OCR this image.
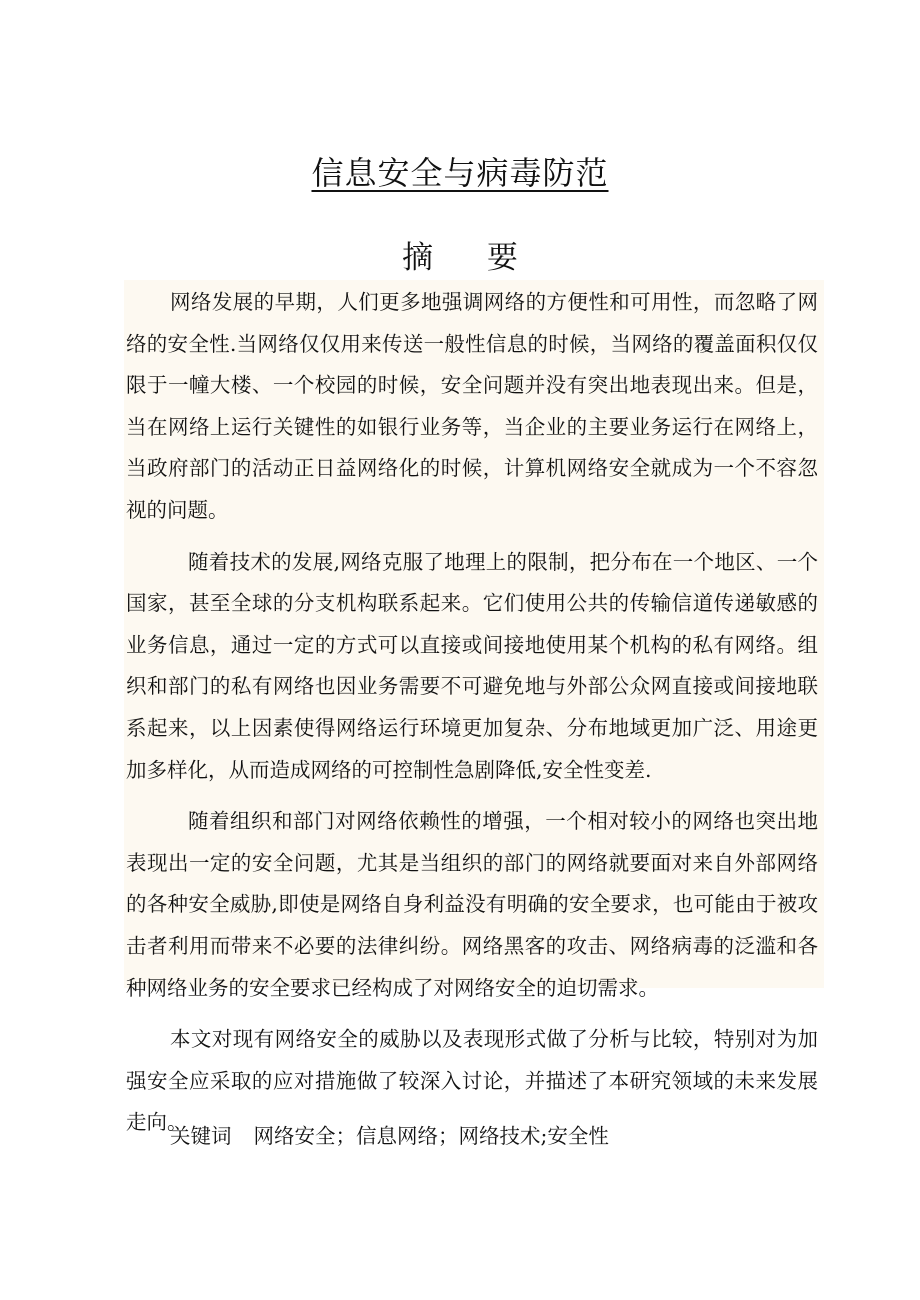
信息安全与病毒防范
摘 要

网络发展的早期，人们更多地强调网络的方便性和可用性，而忽略了网络的安全性.当网络仅仅用来传送一般性信息的时候，当网络的覆盖面积仅仅限于一幢大楼、一个校园的时候，安全问题并没有突出地表现出来。但是，当在网络上运行关键性的如银行业务等，当企业的主要业务运行在网络上，当政府部门的活动正日益网络化的时候，计算机网络安全就成为一个不容忽视的问题。

随着技术的发展,网络克服了地理上的限制，把分布在一个地区、一个国家，甚至全球的分支机构联系起来。它们使用公共的传输信道传递敏感的业务信息，通过一定的方式可以直接或间接地使用某个机构的私有网络。组织和部门的私有网络也因业务需要不可避免地与外部公众网直接或间接地联系起来，以上因素使得网络运行环境更加复杂、分布地域更加广泛、用途更加多样化，从而造成网络的可控制性急剧降低,安全性变差.

随着组织和部门对网络依赖性的增强，一个相对较小的网络也突出地表现出一定的安全问题，尤其是当组织的部门的网络就要面对来自外部网络的各种安全威胁,即使是网络自身利益没有明确的安全要求，也可能由于被攻击者利用而带来不必要的法律纠纷。网络黑客的攻击、网络病毒的泛滥和各种网络业务的安全要求已经构成了对网络安全的迫切需求。

本文对现有网络安全的威胁以及表现形式做了分析与比较，特别对为加强安全应采取的应对措施做了较深入讨论，并描述了本研究领域的未来发展走向。

关键词 网络安全；信息网络；网络技术;安全性
